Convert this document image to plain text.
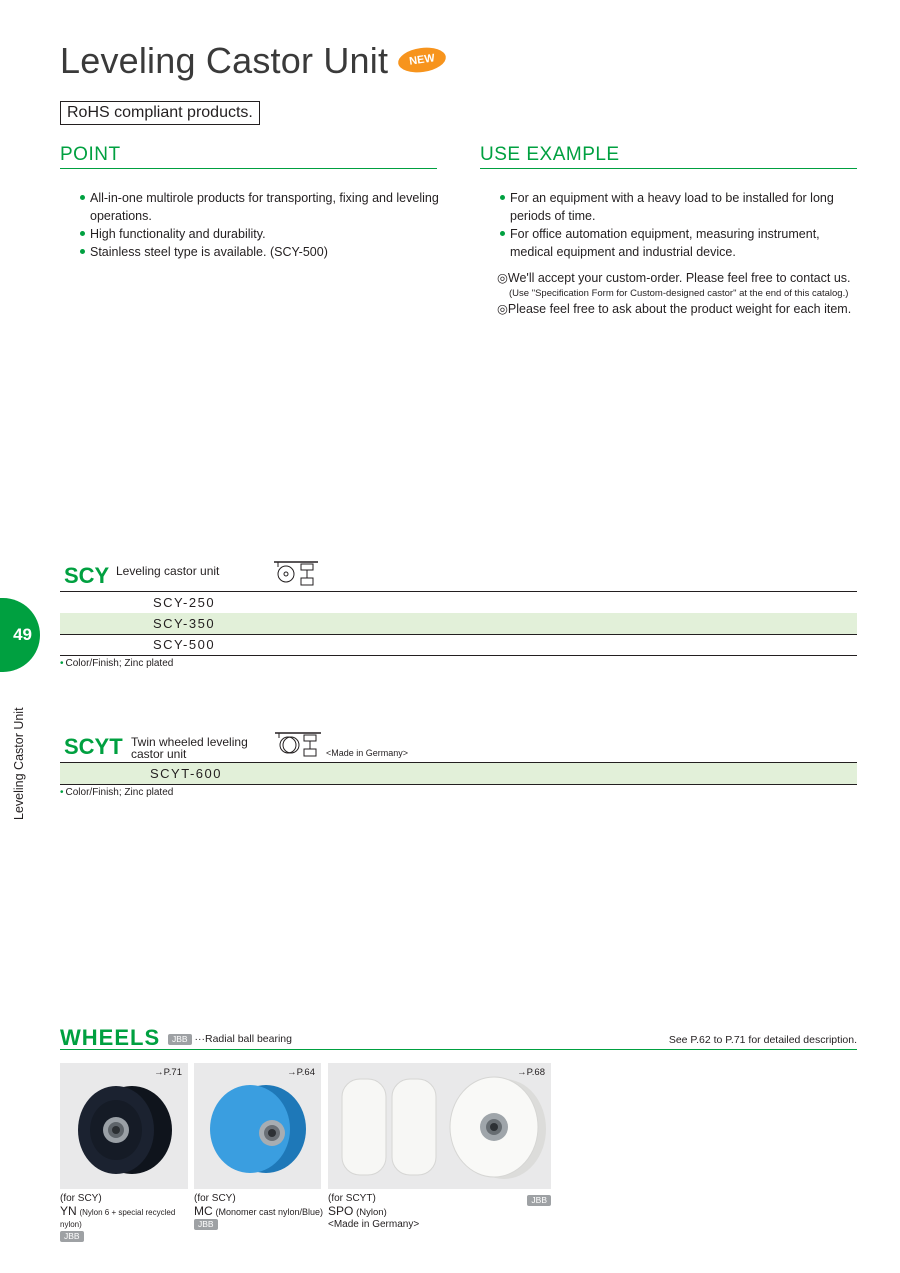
Leveling Castor Unit	NEW
RoHS compliant products.
POINT
All-in-one multirole products for transporting, fixing and leveling operations.
High functionality and durability.
Stainless steel type is available. (SCY-500)
USE EXAMPLE
For an equipment with a heavy load to be installed for long periods of time.
For office automation equipment, measuring instrument, medical equipment and industrial device.
◎We'll accept your custom-order. Please feel free to contact us.
(Use "Specification Form for Custom-designed castor" at the end of this catalog.)
◎Please feel free to ask about the product weight for each item.
SCY Leveling castor unit
SCY-250
SCY-350
SCY-500
• Color/Finish; Zinc plated
49
Leveling Castor Unit SCYT Twin wheeled leveling
castor unit	<Made in Germany>
SCYT-600
• Color/Finish; Zinc plated
WHEELS	JBB ···Radial ball bearing	See P.62 to P.71 for detailed description.
→P.71
(for SCY)
YN (Nylon 6 + special recycled nylon)
JBB
→P.64
(for SCY)
MC (Monomer cast nylon/Blue)
JBB
→P.68
(for SCYT)
SPO (Nylon)
<Made in Germany>
JBB
